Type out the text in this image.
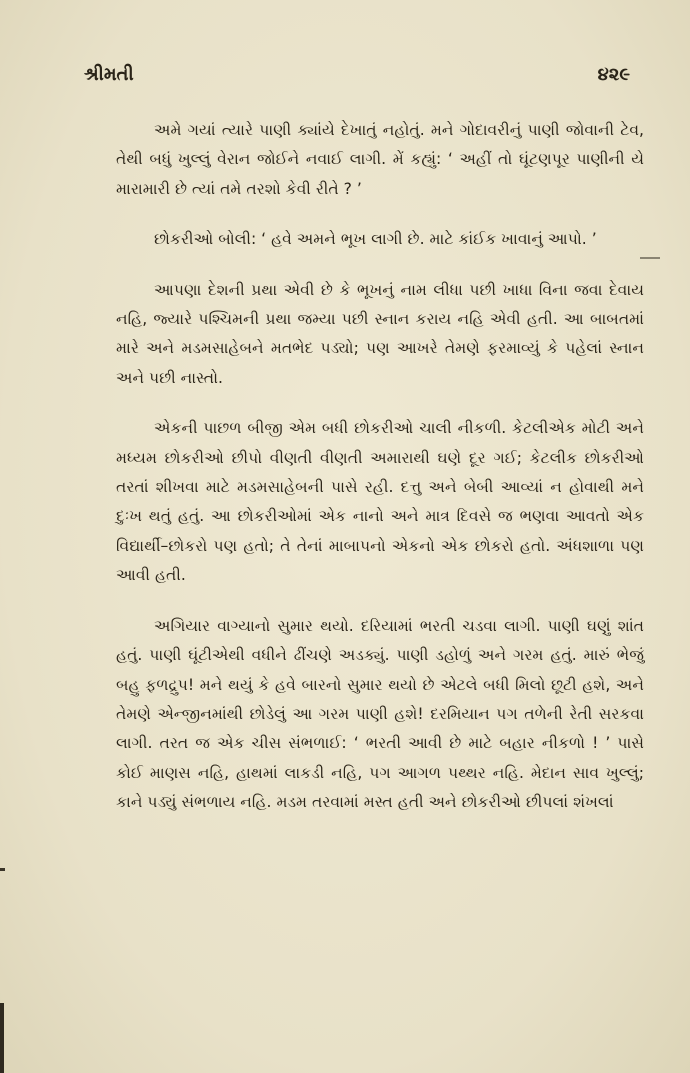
શ્રીમતી	૪૨૯

અમે ગયાં ત્યારે પાણી ક્યાંયે દેખાતું નહોતું. મને ગોદાવરીનું પાણી જોવાની ટેવ, તેથી બધું ખુલ્લું વેરાન જોઈને નવાઈ લાગી. મેં કહ્યું: ‘ અહીં તો ઘૂંટણપૂર પાણીની યે મારામારી છે ત્યાં તમે તરશો કેવી રીતે ? ’

છોકરીઓ બોલી: ‘ હવે અમને ભૂખ લાગી છે. માટે કાંઈક ખાવાનું આપો. ’

આપણા દેશની પ્રથા એવી છે કે ભૂખનું નામ લીધા પછી ખાધા વિના જવા દેવાય નહિ, જ્યારે પશ્ચિમની પ્રથા જમ્યા પછી સ્નાન કરાય નહિ એવી હતી. આ બાબતમાં મારે અને મડમસાહેબને મતભેદ પડ્યો; પણ આખરે તેમણે ફરમાવ્યું કે પહેલાં સ્નાન અને પછી નાસ્તો.

એકની પાછળ બીજી એમ બધી છોકરીઓ ચાલી નીકળી. કેટલીએક મોટી અને મધ્યમ છોકરીઓ છીપો વીણતી વીણતી અમારાથી ઘણે દૂર ગઈ; કેટલીક છોકરીઓ તરતાં શીખવા માટે મડમસાહેબની પાસે રહી. દત્તુ અને બેબી આવ્યાં ન હોવાથી મને દુઃખ થતું હતું. આ છોકરીઓમાં એક નાનો અને માત્ર દિવસે જ ભણવા આવતો એક વિદ્યાર્થી–છોકરો પણ હતો; તે તેનાં માબાપનો એકનો એક છોકરો હતો. અંધશાળા પણ આવી હતી.

અગિયાર વાગ્યાનો સુમાર થયો. દરિયામાં ભરતી ચડવા લાગી. પાણી ઘણું શાંત હતું. પાણી ઘૂંટીએથી વધીને ઢીંચણે અડક્યું. પાણી ડહોળું અને ગરમ હતું. મારું ભેજું બહુ ફળદ્રુપ! મને થયું કે હવે બારનો સુમાર થયો છે એટલે બધી મિલો છૂટી હશે, અને તેમણે એન્જીનમાંથી છોડેલું આ ગરમ પાણી હશે! દરમિયાન પગ તળેની રેતી સરકવા લાગી. તરત જ એક ચીસ સંભળાઈ: ‘ ભરતી આવી છે માટે બહાર નીકળો ! ’ પાસે કોઈ માણસ નહિ, હાથમાં લાકડી નહિ, પગ આગળ પથ્થર નહિ. મેદાન સાવ ખુલ્લું; કાને પડ્યું સંભળાય નહિ. મડમ તરવામાં મસ્ત હતી અને છોકરીઓ છીપલાં શંખલાં
